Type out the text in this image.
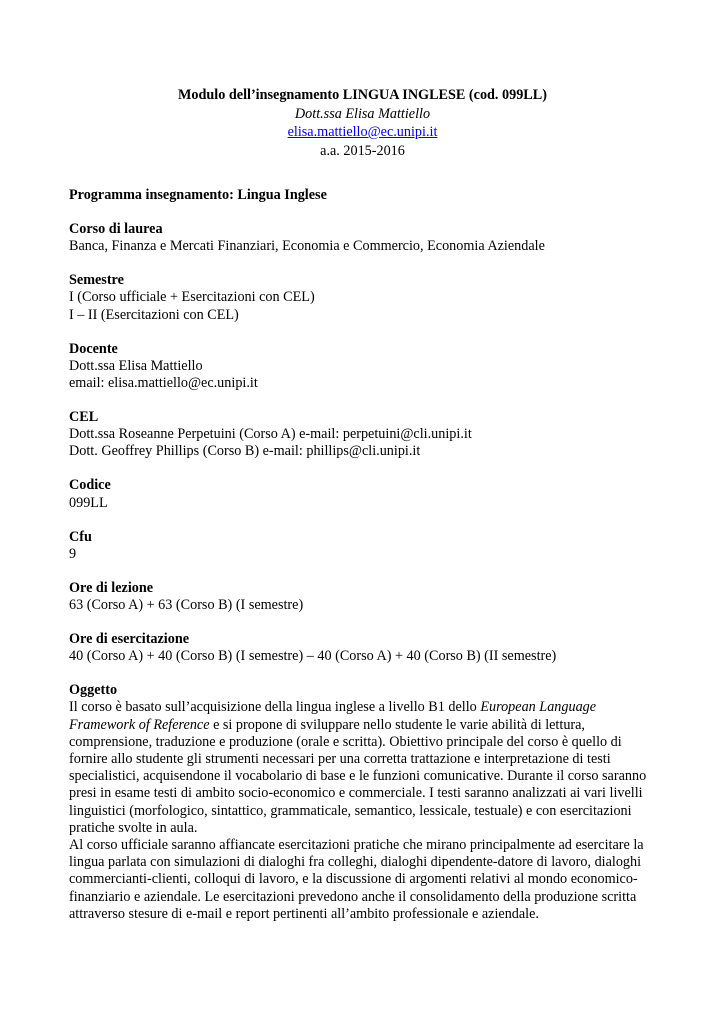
Modulo dell’insegnamento LINGUA INGLESE (cod. 099LL)
Dott.ssa Elisa Mattiello
elisa.mattiello@ec.unipi.it
a.a. 2015-2016
Programma insegnamento: Lingua Inglese
Corso di laurea
Banca, Finanza e Mercati Finanziari, Economia e Commercio, Economia Aziendale
Semestre
I (Corso ufficiale + Esercitazioni con CEL)
I – II (Esercitazioni con CEL)
Docente
Dott.ssa Elisa Mattiello
email: elisa.mattiello@ec.unipi.it
CEL
Dott.ssa Roseanne Perpetuini (Corso A) e-mail: perpetuini@cli.unipi.it
Dott. Geoffrey Phillips (Corso B) e-mail: phillips@cli.unipi.it
Codice
099LL
Cfu
9
Ore di lezione
63 (Corso A) + 63 (Corso B) (I semestre)
Ore di esercitazione
40 (Corso A) + 40 (Corso B) (I semestre) – 40 (Corso A) + 40 (Corso B) (II semestre)
Oggetto

Il corso è basato sull’acquisizione della lingua inglese a livello B1 dello European Language Framework of Reference e si propone di sviluppare nello studente le varie abilità di lettura, comprensione, traduzione e produzione (orale e scritta). Obiettivo principale del corso è quello di fornire allo studente gli strumenti necessari per una corretta trattazione e interpretazione di testi specialistici, acquisendone il vocabolario di base e le funzioni comunicative. Durante il corso saranno presi in esame testi di ambito socio-economico e commerciale. I testi saranno analizzati ai vari livelli linguistici (morfologico, sintattico, grammaticale, semantico, lessicale, testuale) e con esercitazioni pratiche svolte in aula.

Al corso ufficiale saranno affiancate esercitazioni pratiche che mirano principalmente ad esercitare la lingua parlata con simulazioni di dialoghi fra colleghi, dialoghi dipendente-datore di lavoro, dialoghi commercianti-clienti, colloqui di lavoro, e la discussione di argomenti relativi al mondo economico-finanziario e aziendale. Le esercitazioni prevedono anche il consolidamento della produzione scritta attraverso stesure di e-mail e report pertinenti all’ambito professionale e aziendale.
